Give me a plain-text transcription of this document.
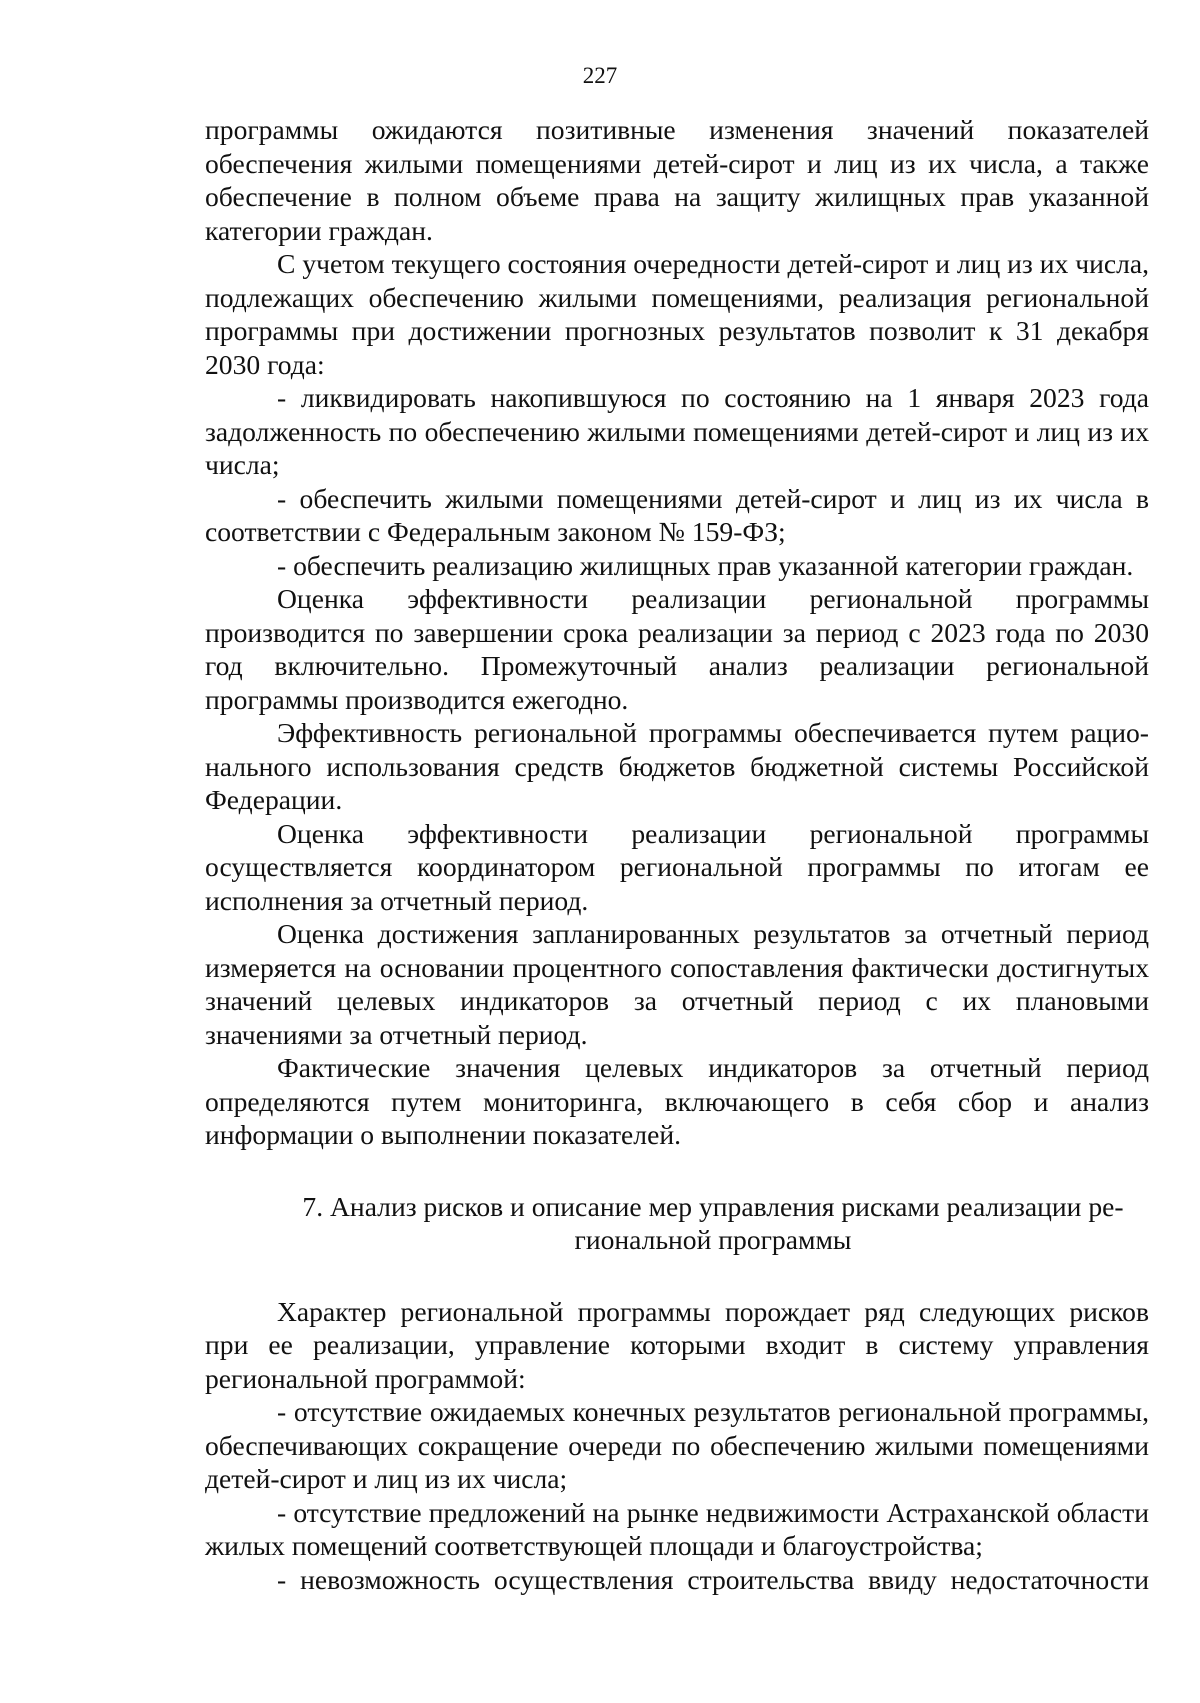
227

программы ожидаются позитивные изменения значений показателей обеспечения жилыми помещениями детей-сирот и лиц из их числа, а также обеспечение в полном объеме права на защиту жилищных прав указанной категории граждан.

С учетом текущего состояния очередности детей-сирот и лиц из их числа, подлежащих обеспечению жилыми помещениями, реализация региональной программы при достижении прогнозных результатов позволит к 31 декабря 2030 года:

- ликвидировать накопившуюся по состоянию на 1 января 2023 года задолженность по обеспечению жилыми помещениями детей-сирот и лиц из их числа;

- обеспечить жилыми помещениями детей-сирот и лиц из их числа в соответствии с Федеральным законом № 159-ФЗ;

- обеспечить реализацию жилищных прав указанной категории граждан.

Оценка эффективности реализации региональной программы производится по завершении срока реализации за период с 2023 года по 2030 год включительно. Промежуточный анализ реализации региональной программы производится ежегодно.

Эффективность региональной программы обеспечивается путем рационального использования средств бюджетов бюджетной системы Российской Федерации.

Оценка эффективности реализации региональной программы осуществляется координатором региональной программы по итогам ее исполнения за отчетный период.

Оценка достижения запланированных результатов за отчетный период измеряется на основании процентного сопоставления фактически достигнутых значений целевых индикаторов за отчетный период с их плановыми значениями за отчетный период.

Фактические значения целевых индикаторов за отчетный период определяются путем мониторинга, включающего в себя сбор и анализ информации о выполнении показателей.

7. Анализ рисков и описание мер управления рисками реализации региональной программы

Характер региональной программы порождает ряд следующих рисков при ее реализации, управление которыми входит в систему управления региональной программой:

- отсутствие ожидаемых конечных результатов региональной программы, обеспечивающих сокращение очереди по обеспечению жилыми помещениями детей-сирот и лиц из их числа;

- отсутствие предложений на рынке недвижимости Астраханской области жилых помещений соответствующей площади и благоустройства;

- невозможность осуществления строительства ввиду недостаточности
